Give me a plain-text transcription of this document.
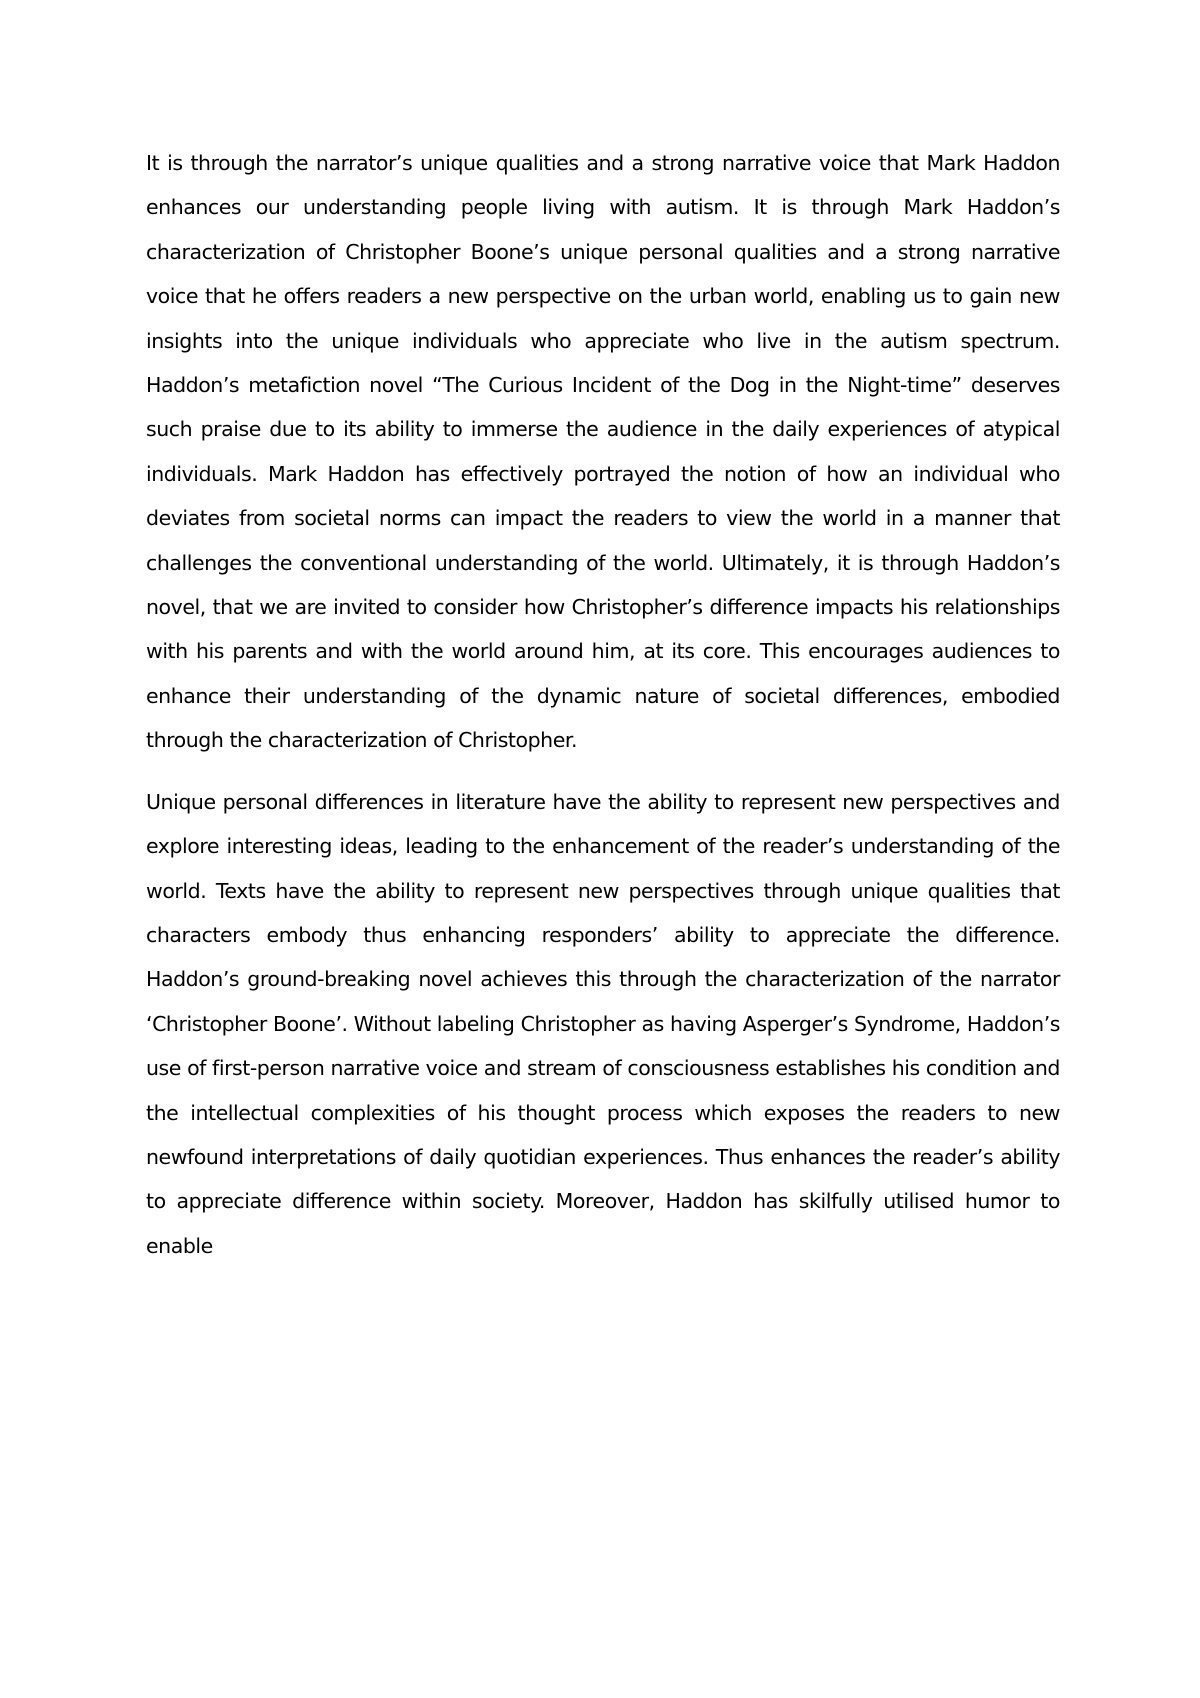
It is through the narrator’s unique qualities and a strong narrative voice that Mark Haddon enhances our understanding people living with autism. It is through Mark Haddon’s characterization of Christopher Boone’s unique personal qualities and a strong narrative voice that he offers readers a new perspective on the urban world, enabling us to gain new insights into the unique individuals who appreciate who live in the autism spectrum. Haddon’s metafiction novel “The Curious Incident of the Dog in the Night-time” deserves such praise due to its ability to immerse the audience in the daily experiences of atypical individuals. Mark Haddon has effectively portrayed the notion of how an individual who deviates from societal norms can impact the readers to view the world in a manner that challenges the conventional understanding of the world. Ultimately, it is through Haddon’s novel, that we are invited to consider how Christopher’s difference impacts his relationships with his parents and with the world around him, at its core. This encourages audiences to enhance their understanding of the dynamic nature of societal differences, embodied through the characterization of Christopher.

Unique personal differences in literature have the ability to represent new perspectives and explore interesting ideas, leading to the enhancement of the reader’s understanding of the world. Texts have the ability to represent new perspectives through unique qualities that characters embody thus enhancing responders’ ability to appreciate the difference. Haddon’s ground-breaking novel achieves this through the characterization of the narrator ‘Christopher Boone’. Without labeling Christopher as having Asperger’s Syndrome, Haddon’s use of first-person narrative voice and stream of consciousness establishes his condition and the intellectual complexities of his thought process which exposes the readers to new newfound interpretations of daily quotidian experiences. Thus enhances the reader’s ability to appreciate difference within society. Moreover, Haddon has skilfully utilised humor to enable
